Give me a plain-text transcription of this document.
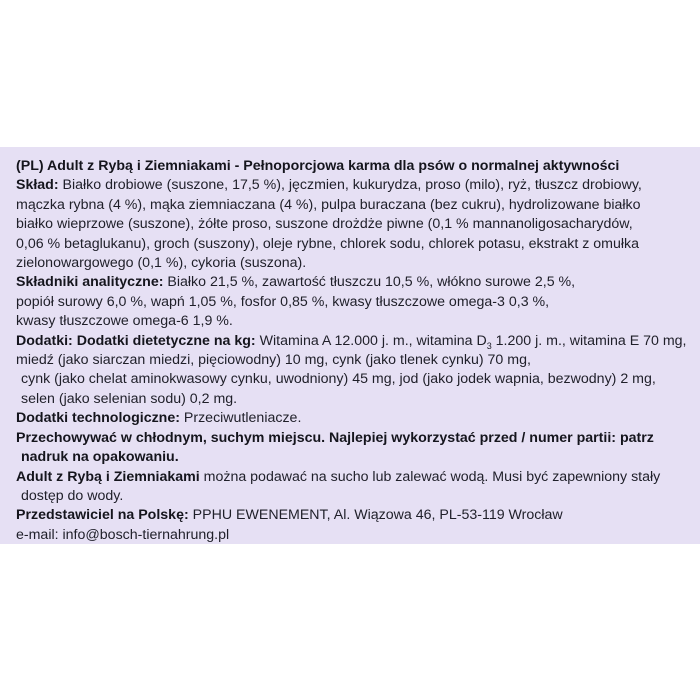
(PL) Adult z Rybą i Ziemniakami - Pełnoporcjowa karma dla psów o normalnej aktywności
Skład: Białko drobiowe (suszone, 17,5 %), jęczmien, kukurydza, proso (milo), ryż, tłuszcz drobiowy,
mączka rybna (4 %), mąka ziemniaczana (4 %), pulpa buraczana (bez cukru), hydrolizowane białko
białko wieprzowe (suszone), żółte proso, suszone drożdże piwne (0,1 % mannanoligosacharydów,
0,06 % betaglukanu), groch (suszony), oleje rybne, chlorek sodu, chlorek potasu, ekstrakt z omułka
zielonowargowego (0,1 %), cykoria (suszona).
Składniki analityczne: Białko 21,5 %, zawartość tłuszczu 10,5 %, włókno surowe 2,5 %,
popiół surowy 6,0 %, wapń 1,05 %, fosfor 0,85 %, kwasy tłuszczowe omega-3 0,3 %,
kwasy tłuszczowe omega-6 1,9 %.
Dodatki: Dodatki dietetyczne na kg: Witamina A 12.000 j. m., witamina $D_3$ 1.200 j. m., witamina E 70 mg,
miedź (jako siarczan miedzi, pięciowodny) 10 mg, cynk (jako tlenek cynku) 70 mg,
cynk (jako chelat aminokwasowy cynku, uwodniony) 45 mg, jod (jako jodek wapnia, bezwodny) 2 mg,
selen (jako selenian sodu) 0,2 mg.
Dodatki technologiczne: Przeciwutleniacze.
Przechowywać w chłodnym, suchym miejscu. Najlepiej wykorzystać przed / numer partii: patrz
nadruk na opakowaniu.
Adult z Rybą i Ziemniakami można podawać na sucho lub zalewać wodą. Musi być zapewniony stały
dostęp do wody.
Przedstawiciel na Polskę: PPHU EWENEMENT, Al. Wiązowa 46, PL-53-119 Wrocław
e-mail: info@bosch-tiernahrung.pl
